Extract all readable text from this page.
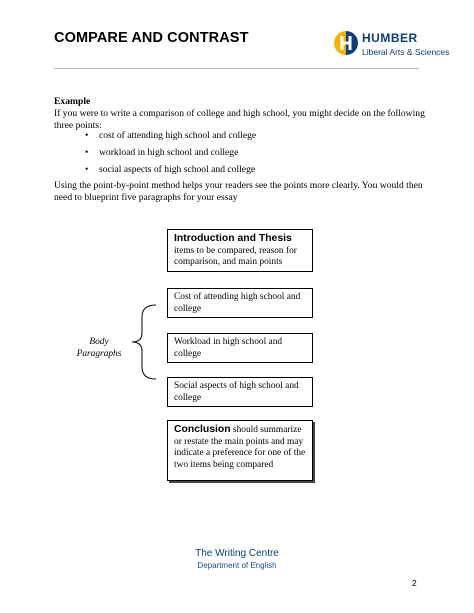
COMPARE AND CONTRAST	HUMBER
Liberal Arts & Sciences
Example
If you were to write a comparison of college and high school, you might decide on the following three points:
• cost of attending high school and college
• workload in high school and college
• social aspects of high school and college
Using the point-by-point method helps your readers see the points more clearly. You would then need to blueprint five paragraphs for your essay
Introduction and Thesis
items to be compared, reason for comparison, and main points
Cost of attending high school and college
Workload in high school and college
Social aspects of high school and college
Body Paragraphs
Conclusion should summarize or restate the main points and may indicate a preference for one of the two items being compared
The Writing Centre
Department of English
2
